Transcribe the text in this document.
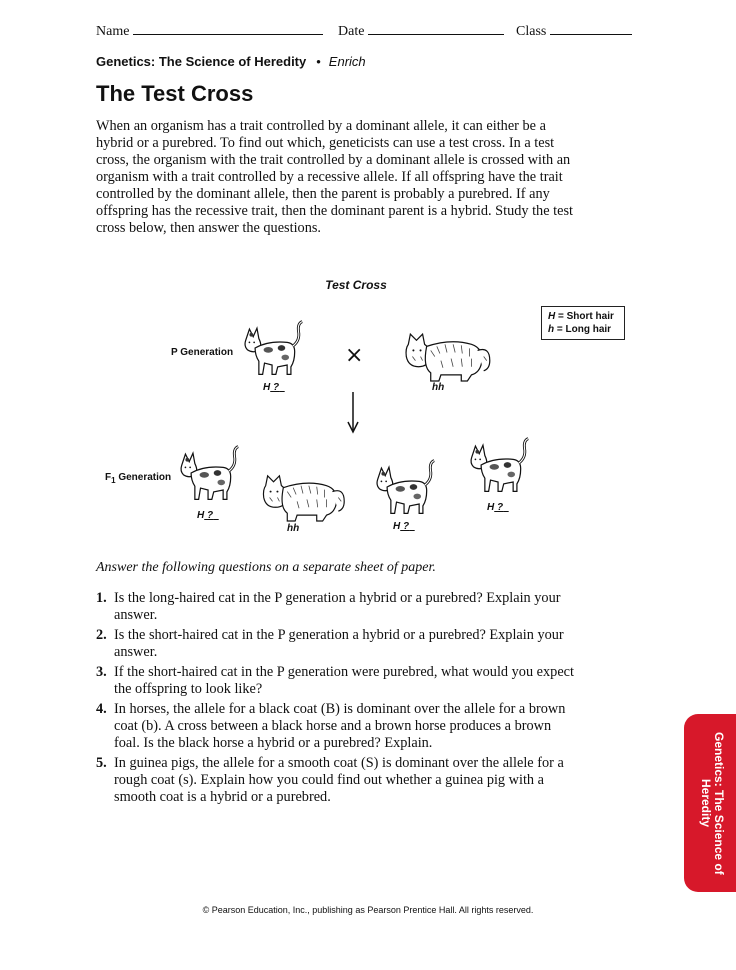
Name	Date	Class
Genetics: The Science of Heredity • Enrich
The Test Cross

When an organism has a trait controlled by a dominant allele, it can either be a hybrid or a purebred. To find out which, geneticists can use a test cross. In a test cross, the organism with the trait controlled by a dominant allele is crossed with an organism with a trait controlled by a recessive allele. If all offspring have the trait controlled by the dominant allele, then the parent is probably a purebred. If any offspring has the recessive trait, then the dominant parent is a hybrid. Study the test cross below, then answer the questions.

Test Cross
H = Short hair
h = Long hair
P Generation
$F_1$ Generation
H ?
×
hh
H ?
hh	H ?
H ?
Answer the following questions on a separate sheet of paper.
1. Is the long-haired cat in the P generation a hybrid or a purebred? Explain your answer.
2. Is the short-haired cat in the P generation a hybrid or a purebred? Explain your answer.
3. If the short-haired cat in the P generation were purebred, what would you expect the offspring to look like?
4. In horses, the allele for a black coat (B) is dominant over the allele for a brown coat (b). A cross between a black horse and a brown horse produces a brown foal. Is the black horse a hybrid or a purebred? Explain.
5. In guinea pigs, the allele for a smooth coat (S) is dominant over the allele for a rough coat (s). Explain how you could find out whether a guinea pig with a smooth coat is a hybrid or a purebred.	Genetics: The Science of Heredity
© Pearson Education, Inc., publishing as Pearson Prentice Hall. All rights reserved.
